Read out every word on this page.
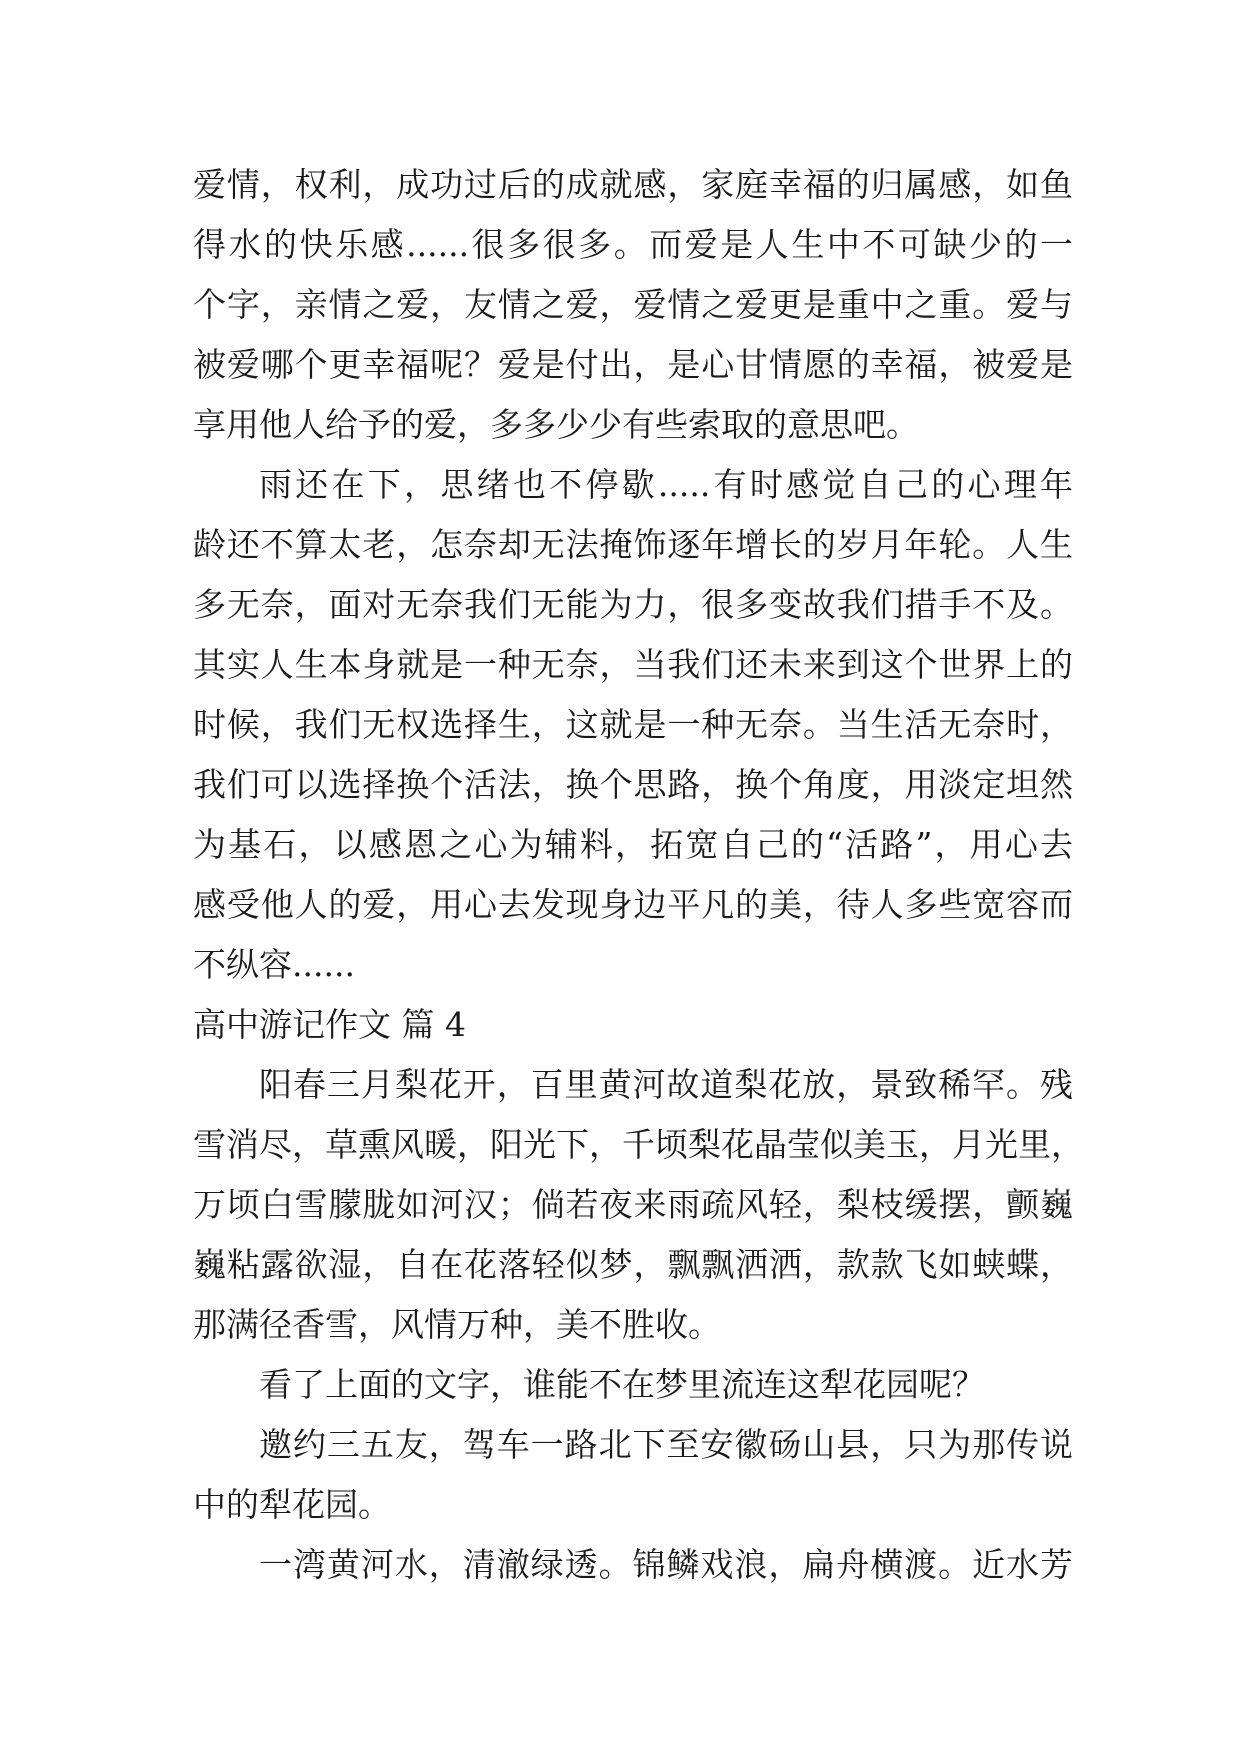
爱情，权利，成功过后的成就感，家庭幸福的归属感，如鱼
得水的快乐感......很多很多。而爱是人生中不可缺少的一
个字，亲情之爱，友情之爱，爱情之爱更是重中之重。爱与
被爱哪个更幸福呢？爱是付出，是心甘情愿的幸福，被爱是
享用他人给予的爱，多多少少有些索取的意思吧。
雨还在下，思绪也不停歇.....有时感觉自己的心理年
龄还不算太老，怎奈却无法掩饰逐年增长的岁月年轮。人生
多无奈，面对无奈我们无能为力，很多变故我们措手不及。
其实人生本身就是一种无奈，当我们还未来到这个世界上的
时候，我们无权选择生，这就是一种无奈。当生活无奈时，
我们可以选择换个活法，换个思路，换个角度，用淡定坦然
为基石，以感恩之心为辅料，拓宽自己的“活路”，用心去
感受他人的爱，用心去发现身边平凡的美，待人多些宽容而
不纵容......
高中游记作文 篇 4
阳春三月梨花开，百里黄河故道梨花放，景致稀罕。残
雪消尽，草熏风暖，阳光下，千顷梨花晶莹似美玉，月光里，
万顷白雪朦胧如河汉；倘若夜来雨疏风轻，梨枝缓摆，颤巍
巍粘露欲湿，自在花落轻似梦，飘飘洒洒，款款飞如蛱蝶，
那满径香雪，风情万种，美不胜收。
看了上面的文字，谁能不在梦里流连这犁花园呢？
邀约三五友，驾车一路北下至安徽砀山县，只为那传说
中的犁花园。
一湾黄河水，清澈绿透。锦鳞戏浪，扁舟横渡。近水芳
